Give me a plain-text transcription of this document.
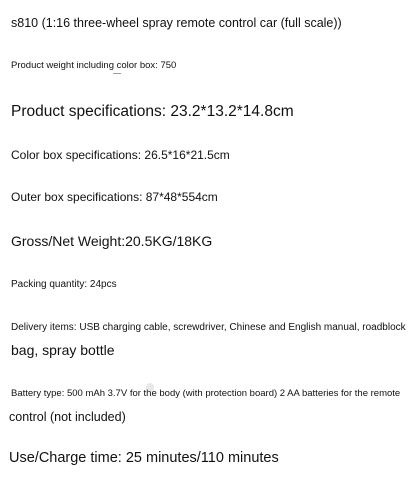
s810 (1:16 three-wheel spray remote control car (full scale))
Product weight including color box: 750
Product specifications: 23.2*13.2*14.8cm
Color box specifications: 26.5*16*21.5cm
Outer box specifications: 87*48*554cm
Gross/Net Weight:20.5KG/18KG
Packing quantity: 24pcs
Delivery items: USB charging cable, screwdriver, Chinese and English manual, roadblock
bag, spray bottle
Battery type: 500 mAh 3.7V for the body (with protection board) 2 AA batteries for the remote
control (not included)
Use/Charge time: 25 minutes/110 minutes
